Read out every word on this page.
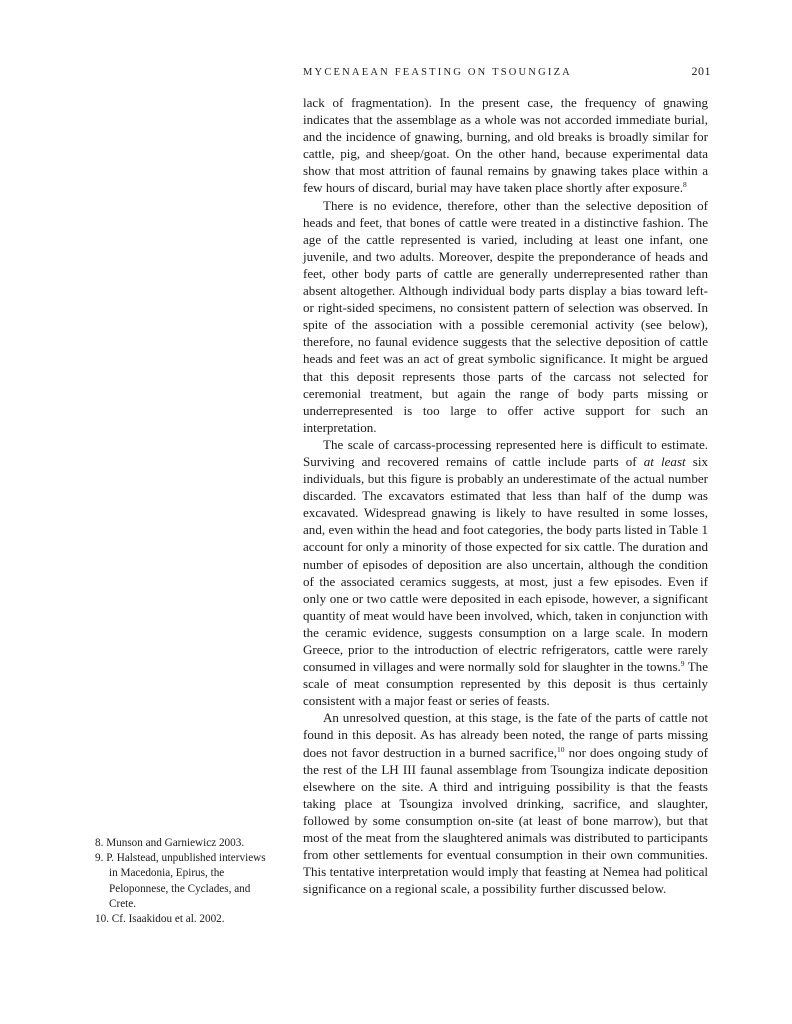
MYCENAEAN FEASTING ON TSOUNGIZA	201

lack of fragmentation). In the present case, the frequency of gnawing indicates that the assemblage as a whole was not accorded immediate burial, and the incidence of gnawing, burning, and old breaks is broadly similar for cattle, pig, and sheep/goat. On the other hand, because experimental data show that most attrition of faunal remains by gnawing takes place within a few hours of discard, burial may have taken place shortly after exposure.$^8$

There is no evidence, therefore, other than the selective deposition of heads and feet, that bones of cattle were treated in a distinctive fashion. The age of the cattle represented is varied, including at least one infant, one juvenile, and two adults. Moreover, despite the preponderance of heads and feet, other body parts of cattle are generally underrepresented rather than absent altogether. Although individual body parts display a bias toward left- or right-sided specimens, no consistent pattern of selection was observed. In spite of the association with a possible ceremonial activity (see below), therefore, no faunal evidence suggests that the selective deposition of cattle heads and feet was an act of great symbolic significance. It might be argued that this deposit represents those parts of the carcass not selected for ceremonial treatment, but again the range of body parts missing or underrepresented is too large to offer active support for such an interpretation.

The scale of carcass-processing represented here is difficult to estimate. Surviving and recovered remains of cattle include parts of at least six individuals, but this figure is probably an underestimate of the actual number discarded. The excavators estimated that less than half of the dump was excavated. Widespread gnawing is likely to have resulted in some losses, and, even within the head and foot categories, the body parts listed in Table 1 account for only a minority of those expected for six cattle. The duration and number of episodes of deposition are also uncertain, although the condition of the associated ceramics suggests, at most, just a few episodes. Even if only one or two cattle were deposited in each episode, however, a significant quantity of meat would have been involved, which, taken in conjunction with the ceramic evidence, suggests consumption on a large scale. In modern Greece, prior to the introduction of electric refrigerators, cattle were rarely consumed in villages and were normally sold for slaughter in the towns.$^9$ The scale of meat consumption represented by this deposit is thus certainly consistent with a major feast or series of feasts.

An unresolved question, at this stage, is the fate of the parts of cattle not found in this deposit. As has already been noted, the range of parts missing does not favor destruction in a burned sacrifice,$^{10}$ nor does ongoing study of the rest of the LH III faunal assemblage from Tsoungiza indicate deposition elsewhere on the site. A third and intriguing possibility is that the feasts taking place at Tsoungiza involved drinking, sacrifice, and slaughter, followed by some consumption on-site (at least of bone marrow), but that most of the meat from the slaughtered animals was distributed to participants from other settlements for eventual consumption in their own communities. This tentative interpretation would imply that feasting at Nemea had political significance on a regional scale, a possibility further discussed below.

8. Munson and Garniewicz 2003.

9. P. Halstead, unpublished interviews in Macedonia, Epirus, the Peloponnese, the Cyclades, and Crete.

10. Cf. Isaakidou et al. 2002.
